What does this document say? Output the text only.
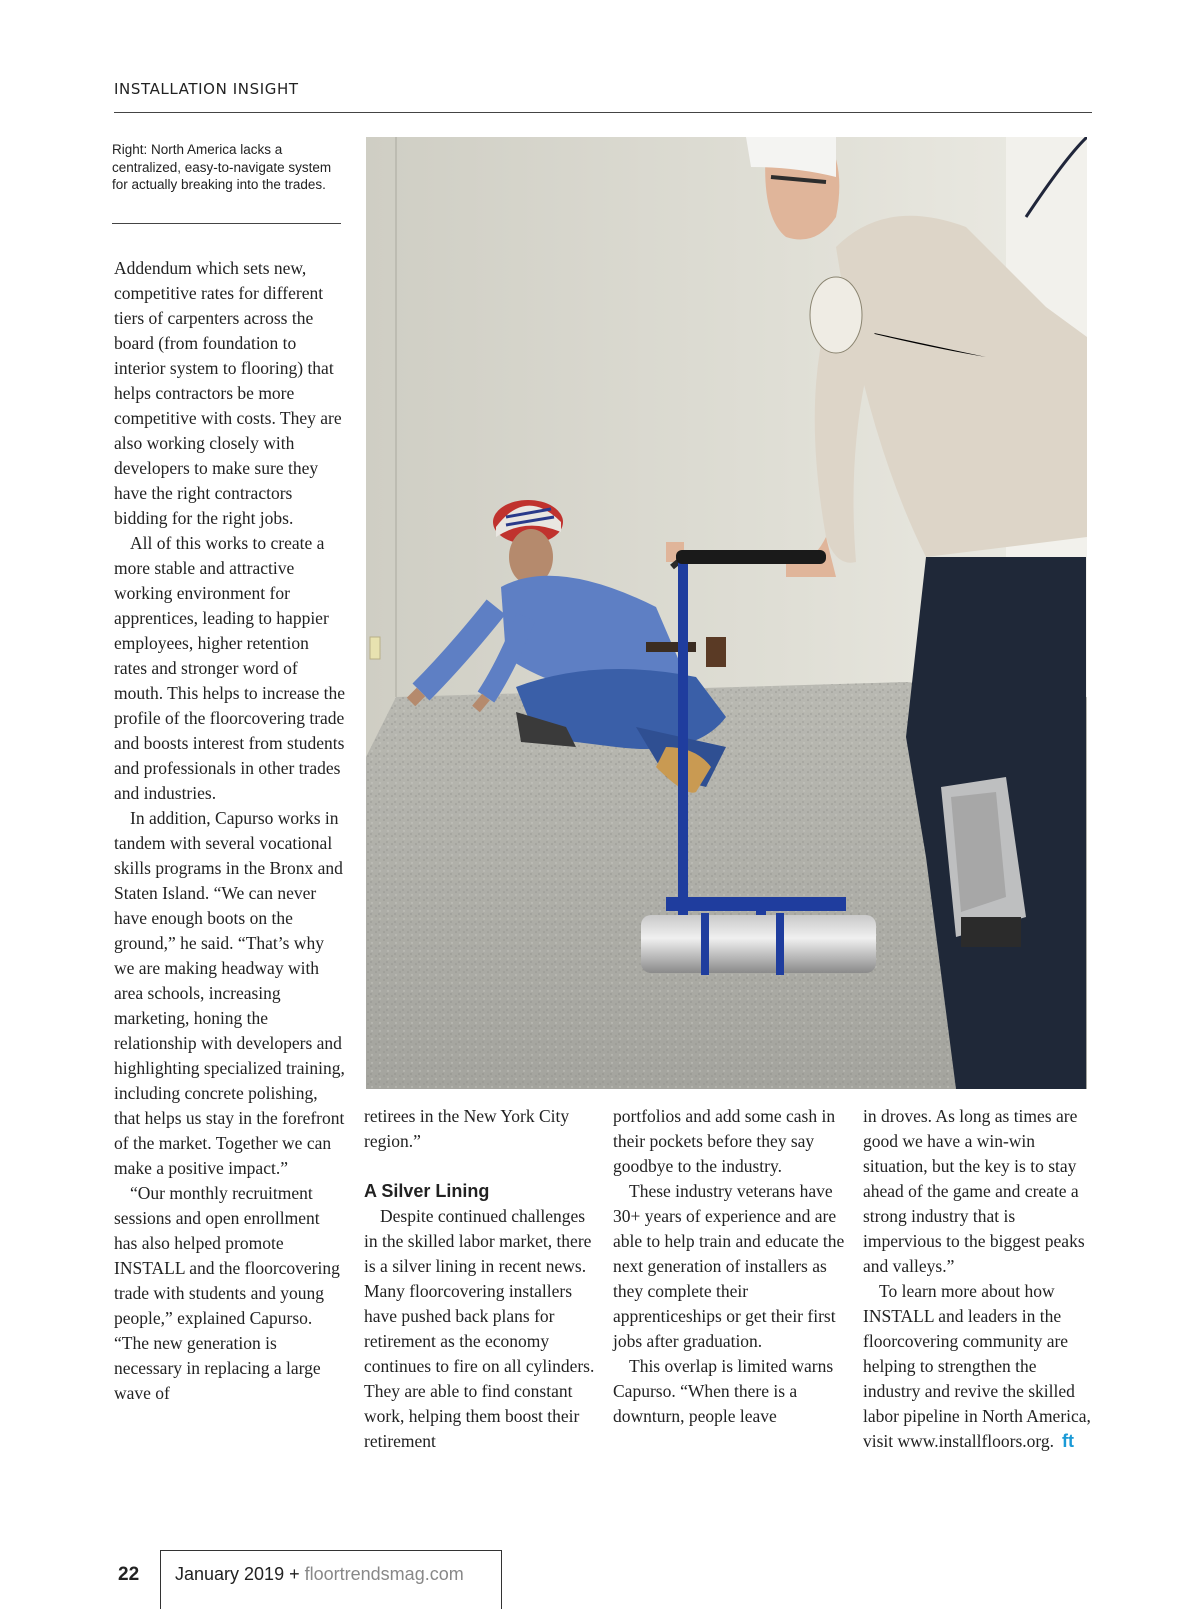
INSTALLATION INSIGHT
Right: North America lacks a centralized, easy-to-navigate system for actually breaking into the trades.

Addendum which sets new, competitive rates for different tiers of carpenters across the board (from foundation to interior system to flooring) that helps contractors be more competitive with costs. They are also working closely with developers to make sure they have the right contractors bidding for the right jobs.

All of this works to create a more stable and attractive working environment for apprentices, leading to happier employees, higher retention rates and stronger word of mouth. This helps to increase the profile of the floorcovering trade and boosts interest from students and professionals in other trades and industries.

In addition, Capurso works in tandem with several vocational skills programs in the Bronx and Staten Island. “We can never have enough boots on the ground,” he said. “That’s why we are making headway with area schools, increasing marketing, honing the relationship with developers and highlighting specialized training, including concrete polishing, that helps us stay in the forefront of the market. Together we can make a positive impact.”

“Our monthly recruitment sessions and open enrollment has also helped promote INSTALL and the floorcovering trade with students and young people,” explained Capurso. “The new generation is necessary in replacing a large wave of

retirees in the New York City region.”

A Silver Lining

Despite continued challenges in the skilled labor market, there is a silver lining in recent news. Many floorcovering installers have pushed back plans for retirement as the economy continues to fire on all cylinders. They are able to find constant work, helping them boost their retirement

portfolios and add some cash in their pockets before they say goodbye to the industry.

These industry veterans have 30+ years of experience and are able to help train and educate the next generation of installers as they complete their apprenticeships or get their first jobs after graduation.

This overlap is limited warns Capurso. “When there is a downturn, people leave

in droves. As long as times are good we have a win-win situation, but the key is to stay ahead of the game and create a strong industry that is impervious to the biggest peaks and valleys.”

To learn more about how INSTALL and leaders in the floorcovering community are helping to strengthen the industry and revive the skilled labor pipeline in North America, visit www.installfloors.org. ft

22 January 2019 + floortrendsmag.com
